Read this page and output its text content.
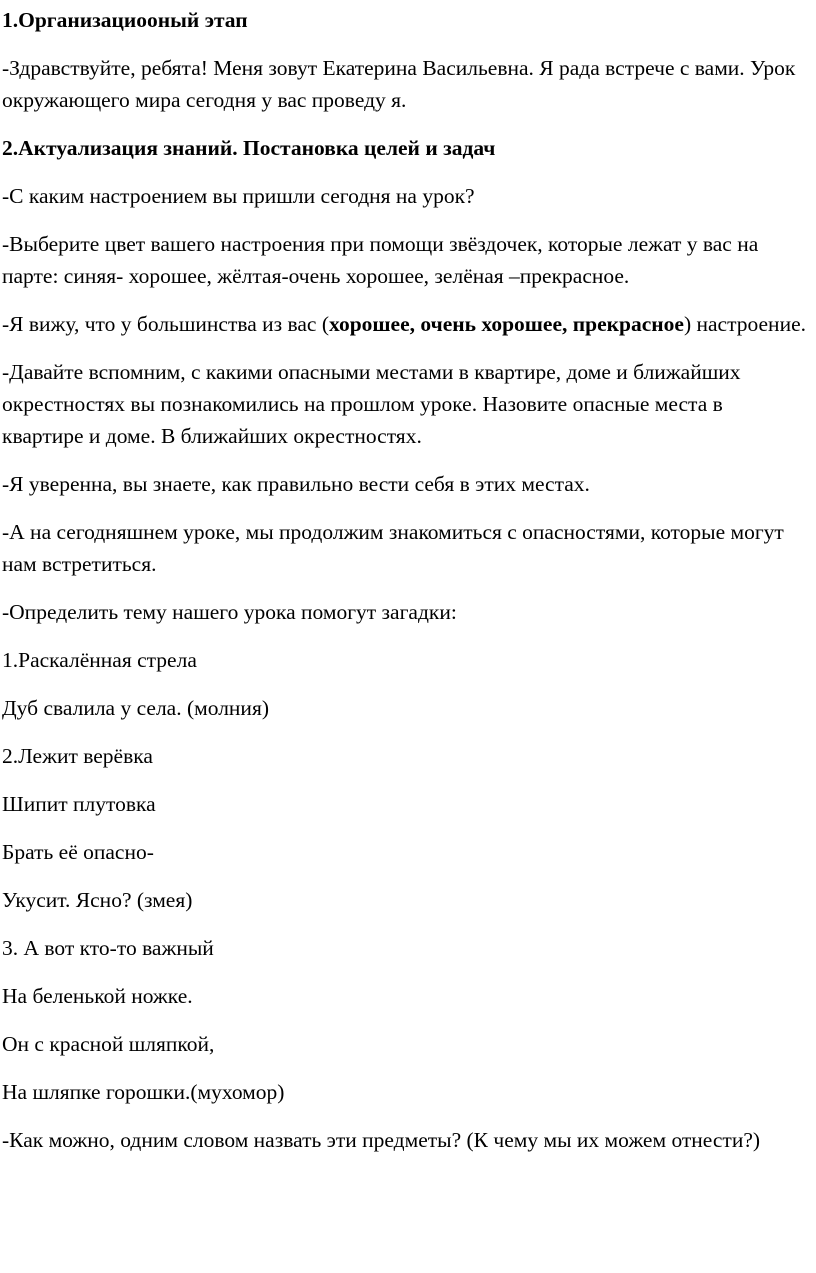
1.Организациооный этап

-Здравствуйте, ребята! Меня зовут Екатерина Васильевна. Я рада встрече с вами. Урок окружающего мира сегодня у вас проведу я.

2.Актуализация знаний. Постановка целей и задач

-С каким настроением вы пришли сегодня на урок?

-Выберите цвет вашего настроения при помощи звёздочек, которые лежат у вас на парте: синяя- хорошее, жёлтая-очень хорошее, зелёная –прекрасное.

-Я вижу, что у большинства из вас (хорошее, очень хорошее, прекрасное) настроение.

-Давайте вспомним, с какими опасными местами в квартире, доме и ближайших окрестностях вы познакомились на прошлом уроке. Назовите опасные места в квартире и доме. В ближайших окрестностях.

-Я уверенна, вы знаете, как правильно вести себя в этих местах.

-А на сегодняшнем уроке, мы продолжим знакомиться с опасностями, которые могут нам встретиться.

-Определить тему нашего урока помогут загадки:

1.Раскалённая стрела

Дуб свалила у села. (молния)

2.Лежит верёвка

Шипит плутовка

Брать её опасно-

Укусит. Ясно? (змея)

3. А вот кто-то важный

На беленькой ножке.

Он с красной шляпкой,

На шляпке горошки.(мухомор)

-Как можно, одним словом назвать эти предметы? (К чему мы их можем отнести?)
